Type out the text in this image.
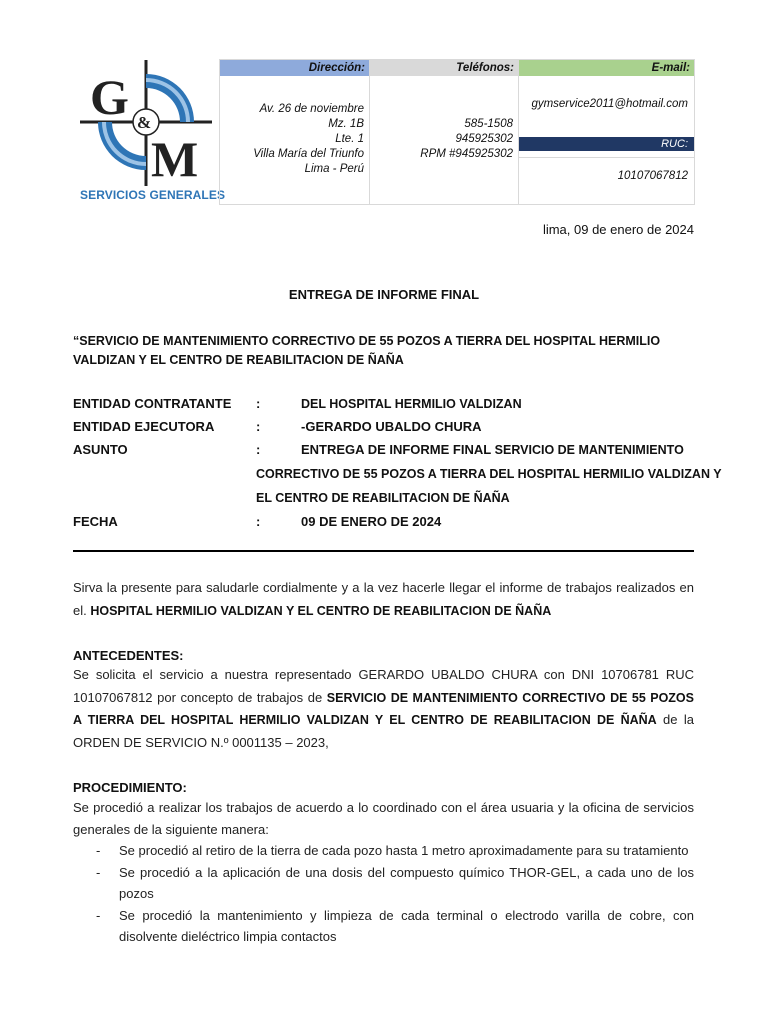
G
M
&
SERVICIOS GENERALES
Dirección:
Av. 26 de noviembre
Mz. 1B
Lte. 1
Villa María del Triunfo
Lima - Perú
Teléfonos:
585-1508
945925302
RPM #945925302
E-mail:
gymservice2011@hotmail.com
RUC:
10107067812
lima, 09 de enero de 2024
ENTREGA DE INFORME FINAL
“SERVICIO DE MANTENIMIENTO CORRECTIVO DE 55 POZOS A TIERRA DEL HOSPITAL HERMILIO VALDIZAN Y EL CENTRO DE REABILITACION DE ÑAÑA
ENTIDAD CONTRATANTE :	DEL HOSPITAL HERMILIO VALDIZAN
ENTIDAD EJECUTORA	:	-GERARDO UBALDO CHURA
ASUNTO	:	ENTREGA DE INFORME FINAL SERVICIO DE MANTENIMIENTO
CORRECTIVO DE 55 POZOS A TIERRA DEL HOSPITAL HERMILIO VALDIZAN Y
EL CENTRO DE REABILITACION DE ÑAÑA
FECHA	:	09 DE ENERO DE 2024
Sirva la presente para saludarle cordialmente y a la vez hacerle llegar el informe de trabajos realizados en
el. HOSPITAL HERMILIO VALDIZAN Y EL CENTRO DE REABILITACION DE ÑAÑA
ANTECEDENTES:
Se solicita el servicio a nuestra representado GERARDO UBALDO CHURA con DNI 10706781 RUC 10107067812 por concepto de trabajos de SERVICIO DE MANTENIMIENTO CORRECTIVO DE 55 POZOS A TIERRA DEL HOSPITAL HERMILIO VALDIZAN Y EL CENTRO DE REABILITACION DE ÑAÑA de la ORDEN DE SERVICIO N.º 0001135 – 2023,
PROCEDIMIENTO:
Se procedió a realizar los trabajos de acuerdo a lo coordinado con el área usuaria y la oficina de servicios generales de la siguiente manera:
- Se procedió al retiro de la tierra de cada pozo hasta 1 metro aproximadamente para su tratamiento
- Se procedió a la aplicación de una dosis del compuesto químico THOR-GEL, a cada uno de los pozos
- Se procedió la mantenimiento y limpieza de cada terminal o electrodo varilla de cobre, con disolvente dieléctrico limpia contactos
